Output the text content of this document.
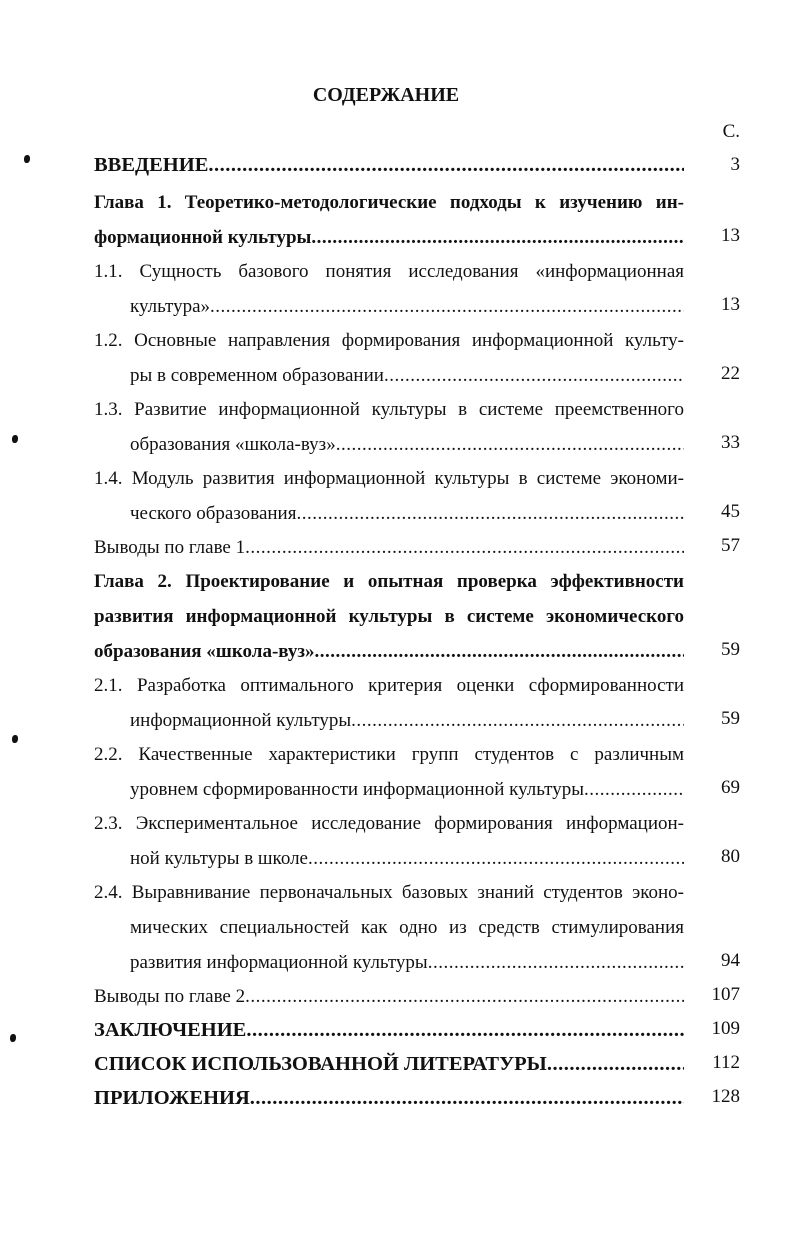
СОДЕРЖАНИЕ
С.
ВВЕДЕНИЕ .....	3
Глава 1. Теоретико-методологические подходы к изучению ин-
формационной культуры .....	13
1.1. Сущность базового понятия исследования «информационная
культура» .....	13
1.2. Основные направления формирования информационной культу-
ры в современном образовании .....	22
1.3. Развитие информационной культуры в системе преемственного
образования «школа-вуз» .....	33
1.4. Модуль развития информационной культуры в системе экономи-
ческого образования .....	45
Выводы по главе 1 .....	57
Глава 2. Проектирование и опытная проверка эффективности
развития информационной культуры в системе экономического
образования «школа-вуз» .....	59
2.1. Разработка оптимального критерия оценки сформированности
информационной культуры .....	59
2.2. Качественные характеристики групп студентов с различным
уровнем сформированности информационной культуры .....	69
2.3. Экспериментальное исследование формирования информацион-
ной культуры в школе .....	80
2.4. Выравнивание первоначальных базовых знаний студентов эконо-
мических специальностей как одно из средств стимулирования
развития информационной культуры .....	94
Выводы по главе 2 .....	107
ЗАКЛЮЧЕНИЕ .....	109
СПИСОК ИСПОЛЬЗОВАННОЙ ЛИТЕРАТУРЫ .....	112
ПРИЛОЖЕНИЯ .....	128
